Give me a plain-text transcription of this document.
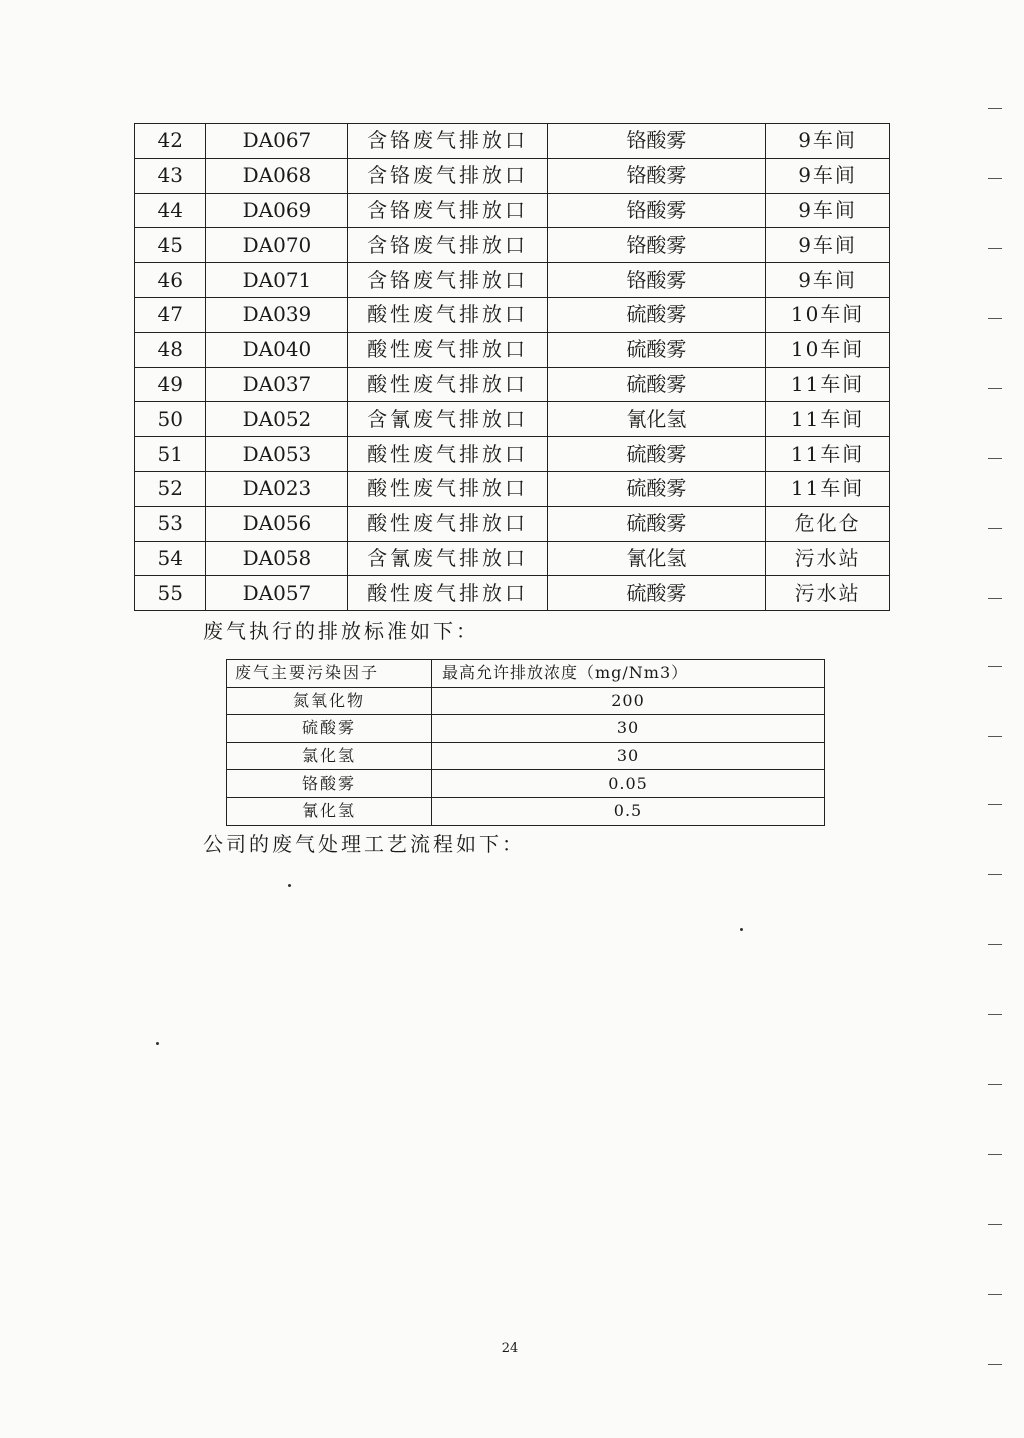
42	DA067	含铬废气排放口	铬酸雾	9车间
43	DA068	含铬废气排放口	铬酸雾	9车间
44	DA069	含铬废气排放口	铬酸雾	9车间
45	DA070	含铬废气排放口	铬酸雾	9车间
46	DA071	含铬废气排放口	铬酸雾	9车间
47	DA039	酸性废气排放口	硫酸雾	10车间
48	DA040	酸性废气排放口	硫酸雾	10车间
49	DA037	酸性废气排放口	硫酸雾	11车间
50	DA052	含氰废气排放口	氰化氢	11车间
51	DA053	酸性废气排放口	硫酸雾	11车间
52	DA023	酸性废气排放口	硫酸雾	11车间
53	DA056	酸性废气排放口	硫酸雾	危化仓
54	DA058	含氰废气排放口	氰化氢	污水站
55	DA057	酸性废气排放口	硫酸雾	污水站
废气执行的排放标准如下：
废气主要污染因子	最高允许排放浓度（mg/Nm3）
氮氧化物	200
硫酸雾	30
氯化氢	30
铬酸雾	0.05
氰化氢	0.5
公司的废气处理工艺流程如下：
24
